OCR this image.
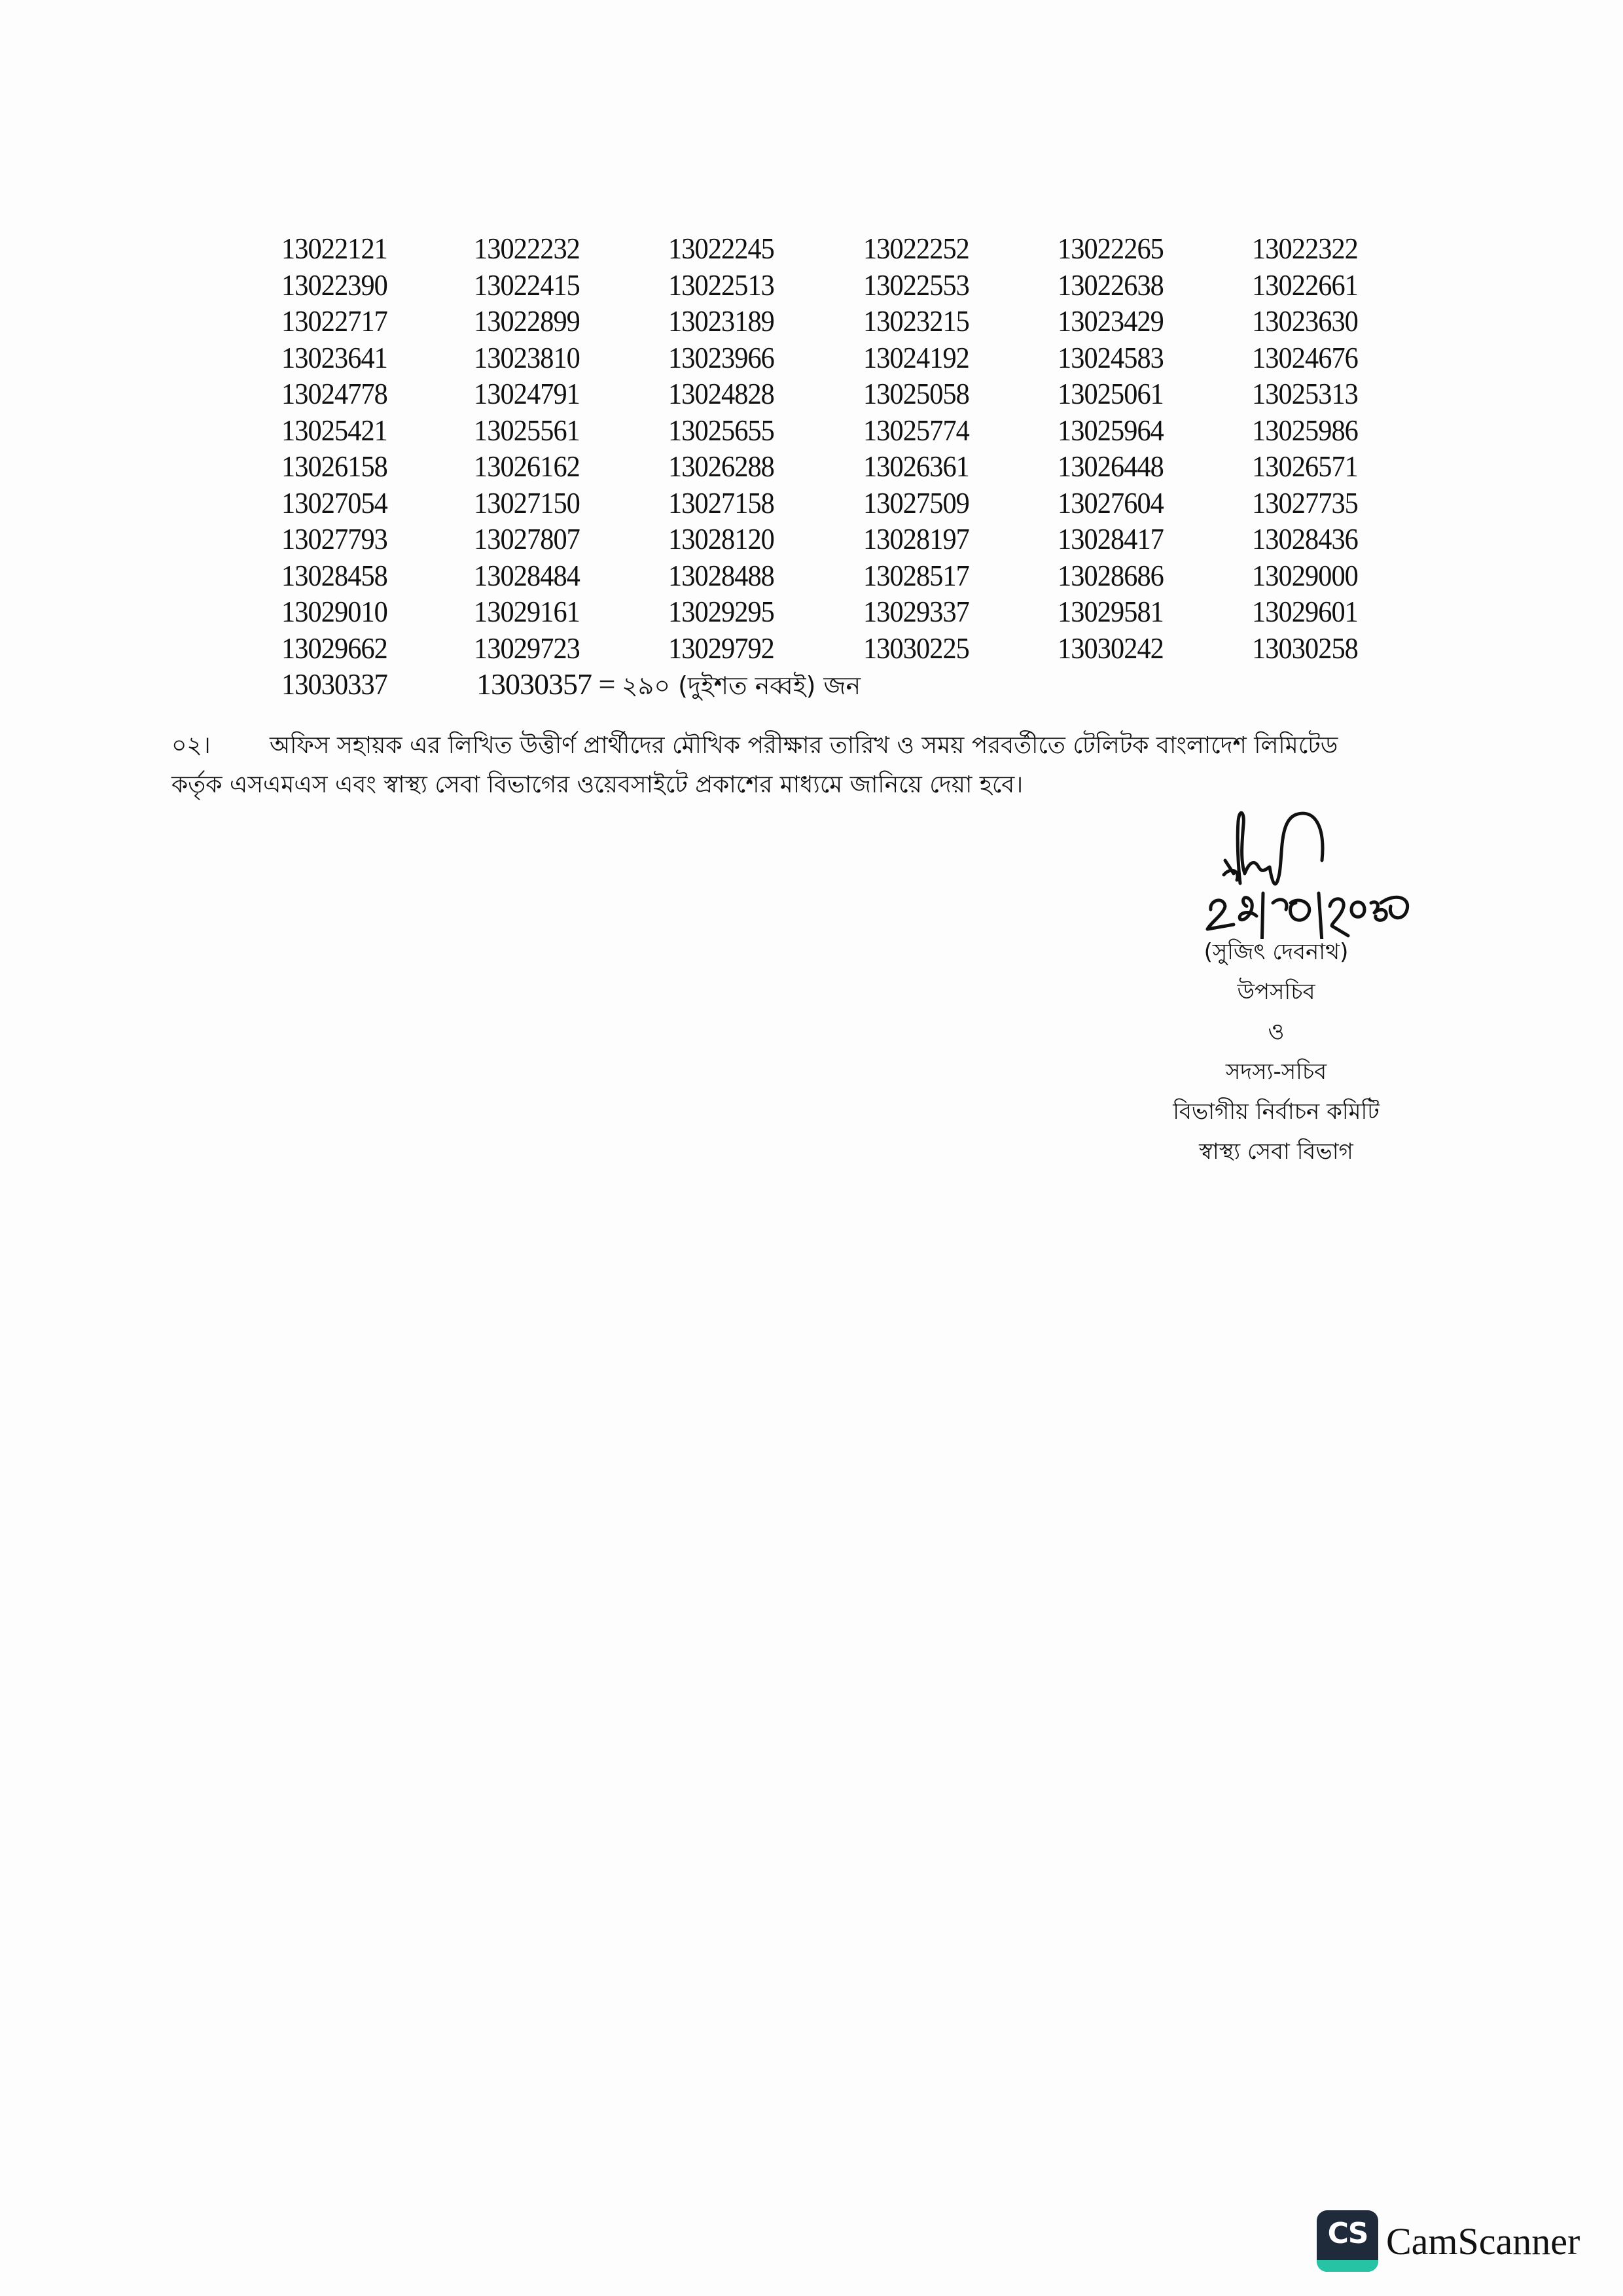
13022121	13022232	13022245	13022252	13022265	13022322
13022390	13022415	13022513	13022553	13022638	13022661
13022717	13022899	13023189	13023215	13023429	13023630
13023641	13023810	13023966	13024192	13024583	13024676
13024778	13024791	13024828	13025058	13025061	13025313
13025421	13025561	13025655	13025774	13025964	13025986
13026158	13026162	13026288	13026361	13026448	13026571
13027054	13027150	13027158	13027509	13027604	13027735
13027793	13027807	13028120	13028197	13028417	13028436
13028458	13028484	13028488	13028517	13028686	13029000
13029010	13029161	13029295	13029337	13029581	13029601
13029662	13029723	13029792	13030225	13030242	13030258
13030337	13030357 = ২৯০ (দুইশত নব্বই) জন
০২।	অফিস সহায়ক এর লিখিত উত্তীর্ণ প্রার্থীদের মৌখিক পরীক্ষার তারিখ ও সময় পরবর্তীতে টেলিটক বাংলাদেশ লিমিটেড
কর্তৃক এসএমএস এবং স্বাস্থ্য সেবা বিভাগের ওয়েবসাইটে প্রকাশের মাধ্যমে জানিয়ে দেয়া হবে।
(সুজিৎ দেবনাথ)
উপসচিব
ও
সদস্য-সচিব
বিভাগীয় নির্বাচন কমিটি
স্বাস্থ্য সেবা বিভাগ
CS CamScanner
